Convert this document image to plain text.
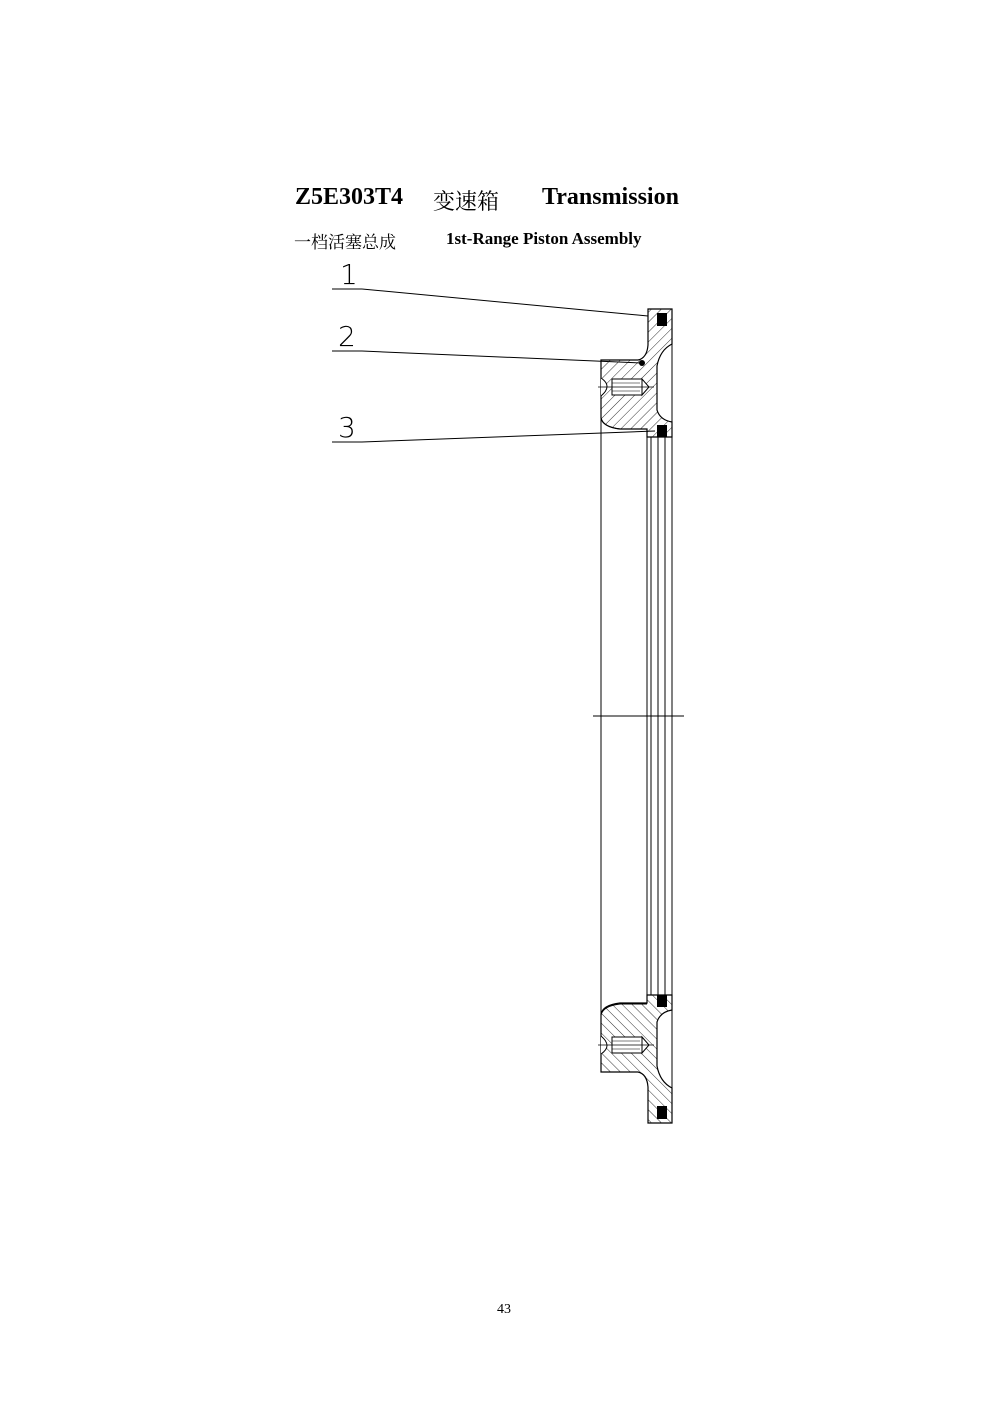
Z5E303T4 变速箱 Transmission
一档活塞总成	1st-Range Piston Assembly
1
2
3
43
